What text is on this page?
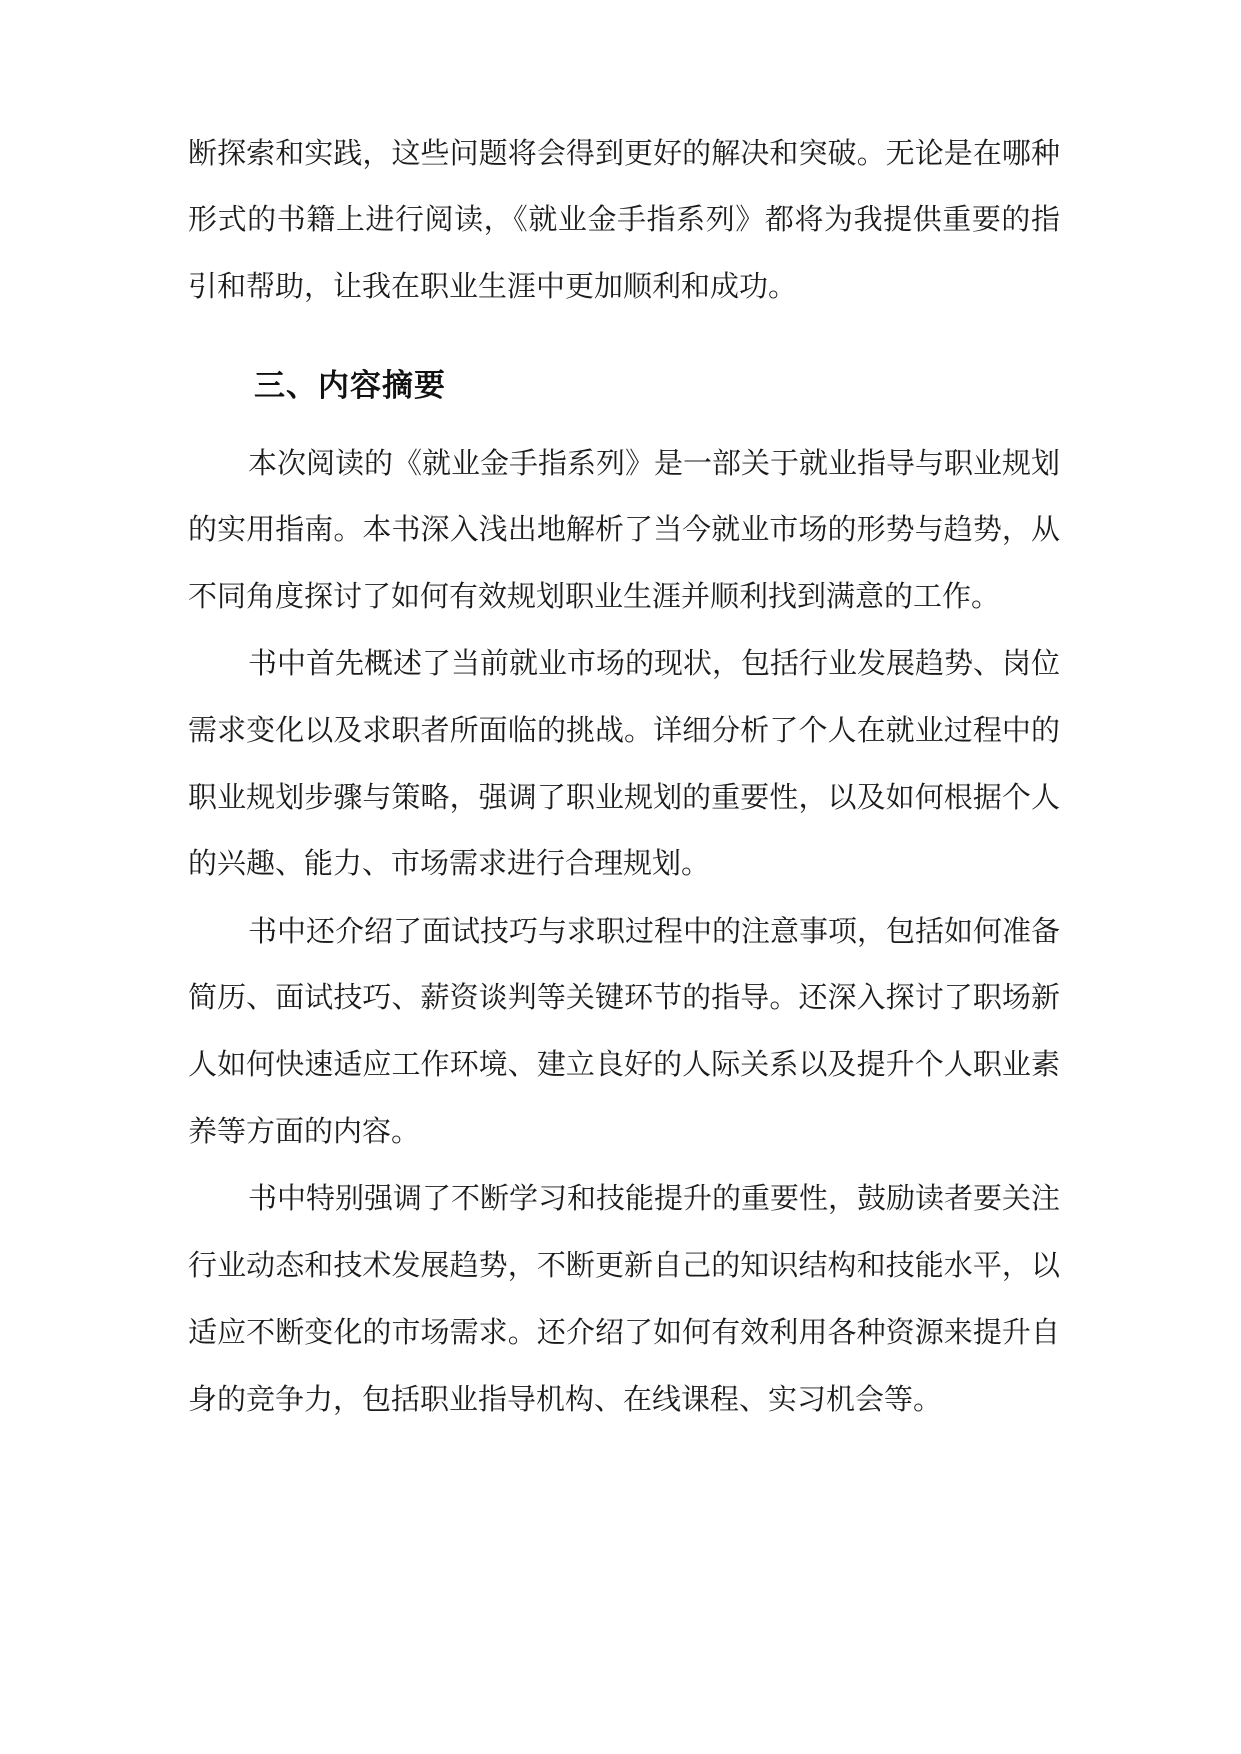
断探索和实践，这些问题将会得到更好的解决和突破。无论是在哪种
形式的书籍上进行阅读，《就业金手指系列》都将为我提供重要的指
引和帮助，让我在职业生涯中更加顺利和成功。
三、内容摘要
本次阅读的《就业金手指系列》是一部关于就业指导与职业规划
的实用指南。本书深入浅出地解析了当今就业市场的形势与趋势，从
不同角度探讨了如何有效规划职业生涯并顺利找到满意的工作。
书中首先概述了当前就业市场的现状，包括行业发展趋势、岗位
需求变化以及求职者所面临的挑战。详细分析了个人在就业过程中的
职业规划步骤与策略，强调了职业规划的重要性，以及如何根据个人
的兴趣、能力、市场需求进行合理规划。
书中还介绍了面试技巧与求职过程中的注意事项，包括如何准备
简历、面试技巧、薪资谈判等关键环节的指导。还深入探讨了职场新
人如何快速适应工作环境、建立良好的人际关系以及提升个人职业素
养等方面的内容。
书中特别强调了不断学习和技能提升的重要性，鼓励读者要关注
行业动态和技术发展趋势，不断更新自己的知识结构和技能水平，以
适应不断变化的市场需求。还介绍了如何有效利用各种资源来提升自
身的竞争力，包括职业指导机构、在线课程、实习机会等。
